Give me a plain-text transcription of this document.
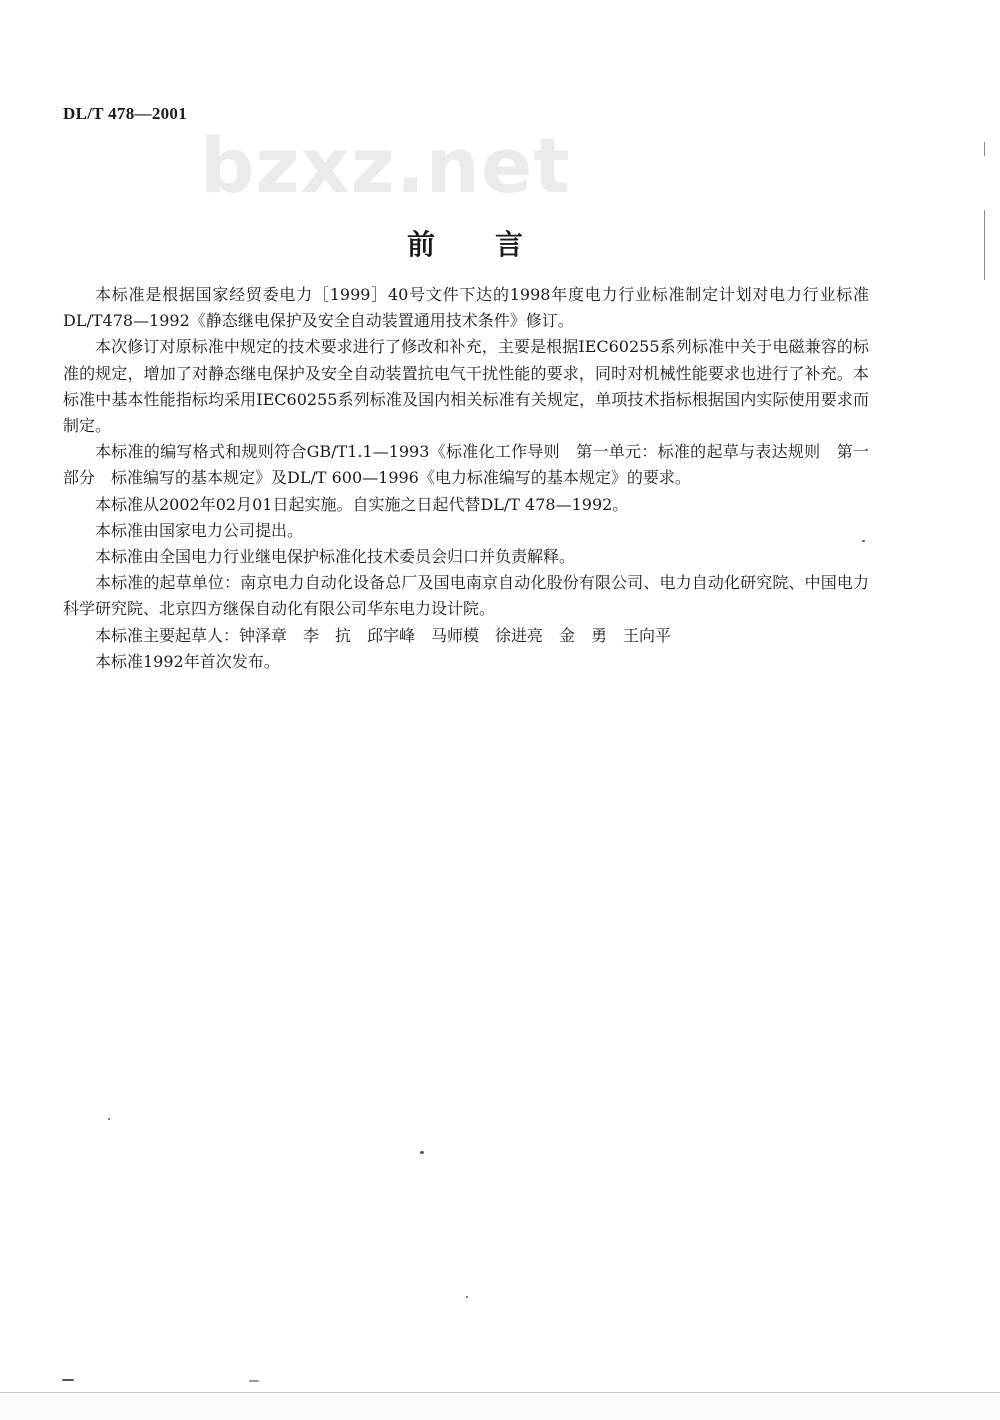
DL/T 478—2001
bzxz.net
前言

本标准是根据国家经贸委电力［1999］40号文件下达的1998年度电力行业标准制定计划对电力行业标准DL/T478—1992《静态继电保护及安全自动装置通用技术条件》修订。

本次修订对原标准中规定的技术要求进行了修改和补充，主要是根据IEC60255系列标准中关于电磁兼容的标准的规定，增加了对静态继电保护及安全自动装置抗电气干扰性能的要求，同时对机械性能要求也进行了补充。本标准中基本性能指标均采用IEC60255系列标准及国内相关标准有关规定，单项技术指标根据国内实际使用要求而制定。

本标准的编写格式和规则符合GB/T1.1—1993《标准化工作导则　第一单元：标准的起草与表达规则　第一部分　标准编写的基本规定》及DL/T 600—1996《电力标准编写的基本规定》的要求。

本标准从2002年02月01日起实施。自实施之日起代替DL/T 478—1992。

本标准由国家电力公司提出。

本标准由全国电力行业继电保护标准化技术委员会归口并负责解释。

本标准的起草单位：南京电力自动化设备总厂及国电南京自动化股份有限公司、电力自动化研究院、中国电力科学研究院、北京四方继保自动化有限公司华东电力设计院。

本标准主要起草人：钟泽章　李　抗　邱宇峰　马师模　徐进亮　金　勇　王向平

本标准1992年首次发布。
